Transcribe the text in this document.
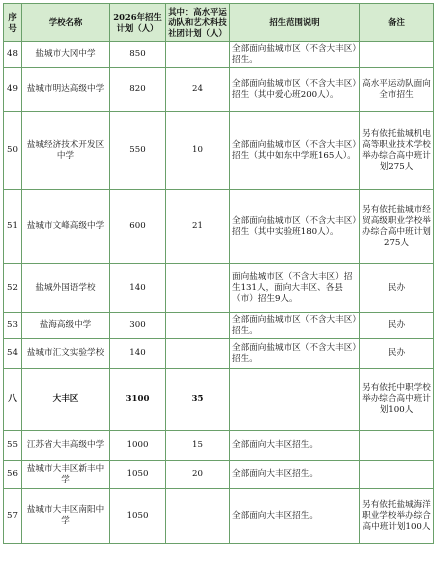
序号	学校名称	2026年招生计划（人）	其中：高水平运动队和艺术科技社团计划（人）	招生范围说明	备注
48	盐城市大冈中学	850		全部面向盐城市区（不含大丰区）招生。	
49	盐城市明达高级中学	820	24	全部面向盐城市区（不含大丰区）招生（其中爱心班200人）。	高水平运动队面向全市招生
50	盐城经济技术开发区中学	550	10	全部面向盐城市区（不含大丰区）招生（其中如东中学班165人）。	另有依托盐城机电高等职业技术学校举办综合高中班计划275人
51	盐城市文峰高级中学	600	21	全部面向盐城市区（不含大丰区）招生（其中实验班180人）。	另有依托盐城市经贸高级职业学校举办综合高中班计划275人
52	盐城外国语学校	140		面向盐城市区（不含大丰区）招生131人，面向大丰区、各县（市）招生9人。	民办
53	盐海高级中学	300		全部面向盐城市区（不含大丰区）招生。	民办
54	盐城市汇文实验学校	140		全部面向盐城市区（不含大丰区）招生。	民办
八	大丰区	3100	35		另有依托中职学校举办综合高中班计划100人
55	江苏省大丰高级中学	1000	15	全部面向大丰区招生。	
56	盐城市大丰区新丰中学	1050	20	全部面向大丰区招生。	
57	盐城市大丰区南阳中学	1050		全部面向大丰区招生。	另有依托盐城海洋职业学校举办综合高中班计划100人
